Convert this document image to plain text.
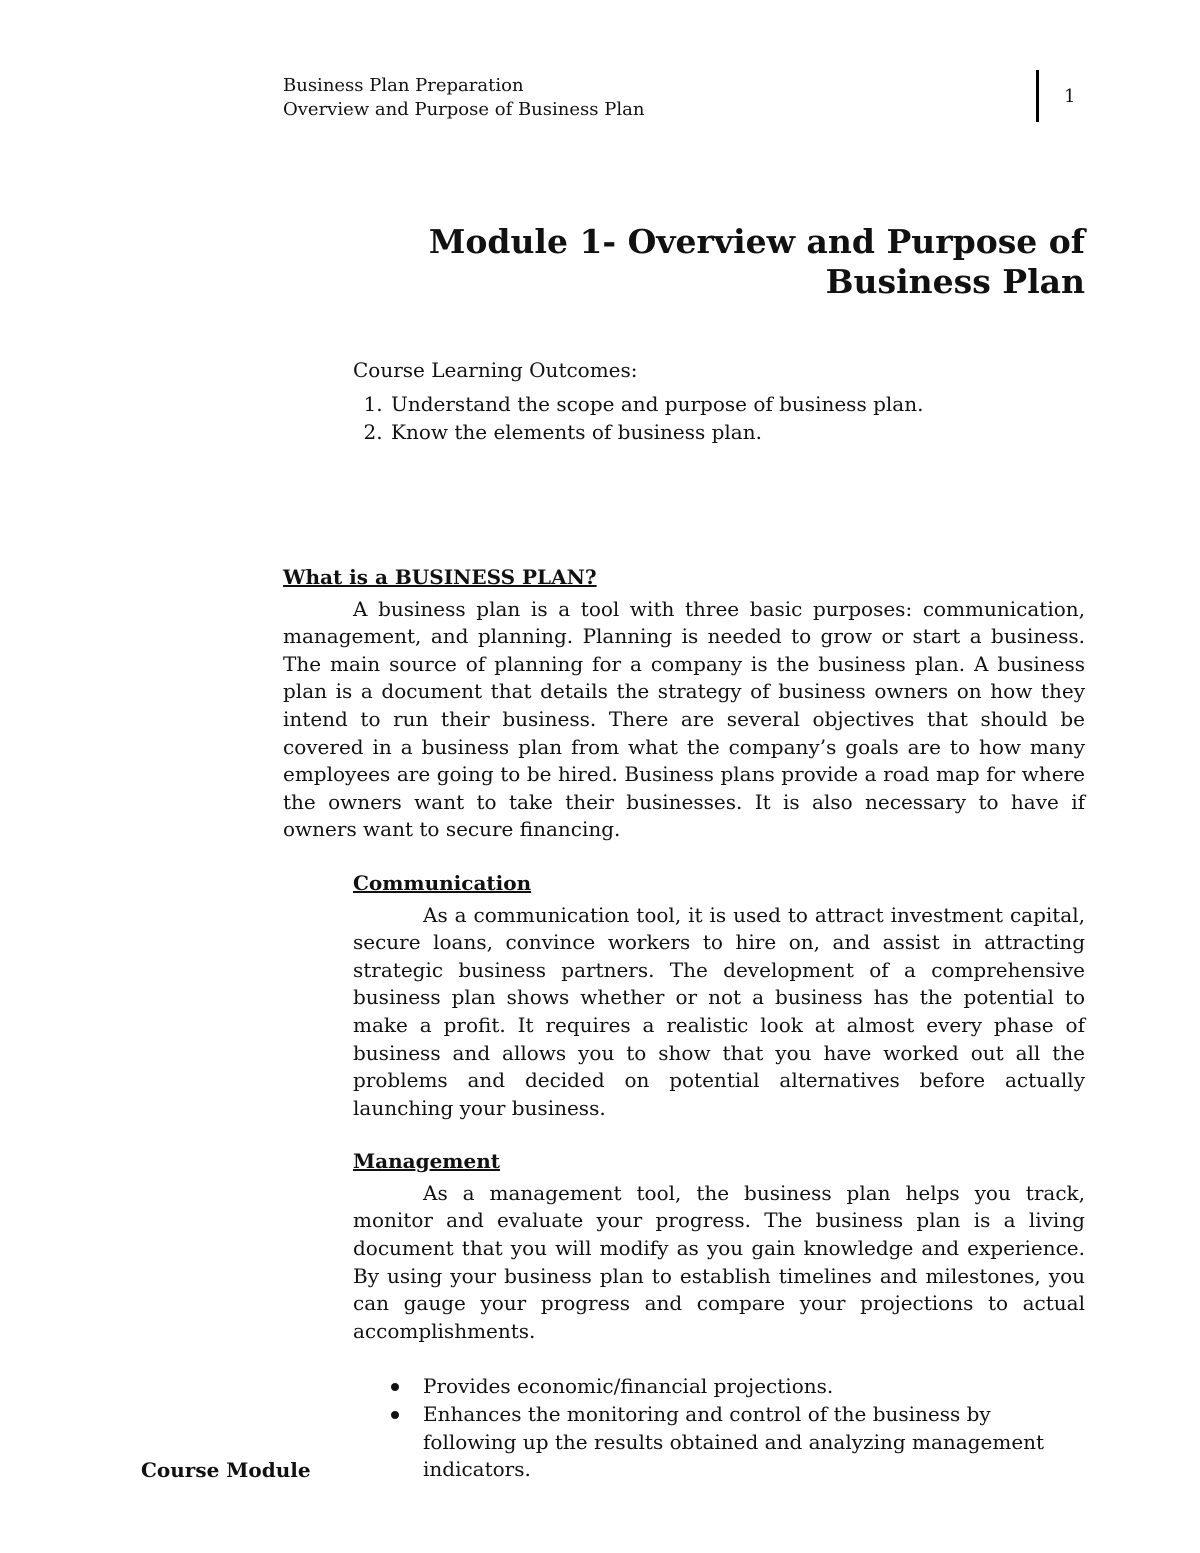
Business Plan Preparation
Overview and Purpose of Business Plan
1
Module 1- Overview and Purpose of Business Plan
Course Learning Outcomes:
1. Understand the scope and purpose of business plan.
2. Know the elements of business plan.
What is a BUSINESS PLAN?

A business plan is a tool with three basic purposes: communication, management, and planning. Planning is needed to grow or start a business. The main source of planning for a company is the business plan. A business plan is a document that details the strategy of business owners on how they intend to run their business. There are several objectives that should be covered in a business plan from what the company’s goals are to how many employees are going to be hired. Business plans provide a road map for where the owners want to take their businesses. It is also necessary to have if owners want to secure financing.

Communication

As a communication tool, it is used to attract investment capital, secure loans, convince workers to hire on, and assist in attracting strategic business partners. The development of a comprehensive business plan shows whether or not a business has the potential to make a profit. It requires a realistic look at almost every phase of business and allows you to show that you have worked out all the problems and decided on potential alternatives before actually launching your business.

Management

As a management tool, the business plan helps you track, monitor and evaluate your progress. The business plan is a living document that you will modify as you gain knowledge and experience. By using your business plan to establish timelines and milestones, you can gauge your progress and compare your projections to actual accomplishments.

Provides economic/financial projections.
Enhances the monitoring and control of the business by following up the results obtained and analyzing management indicators.
Course Module
